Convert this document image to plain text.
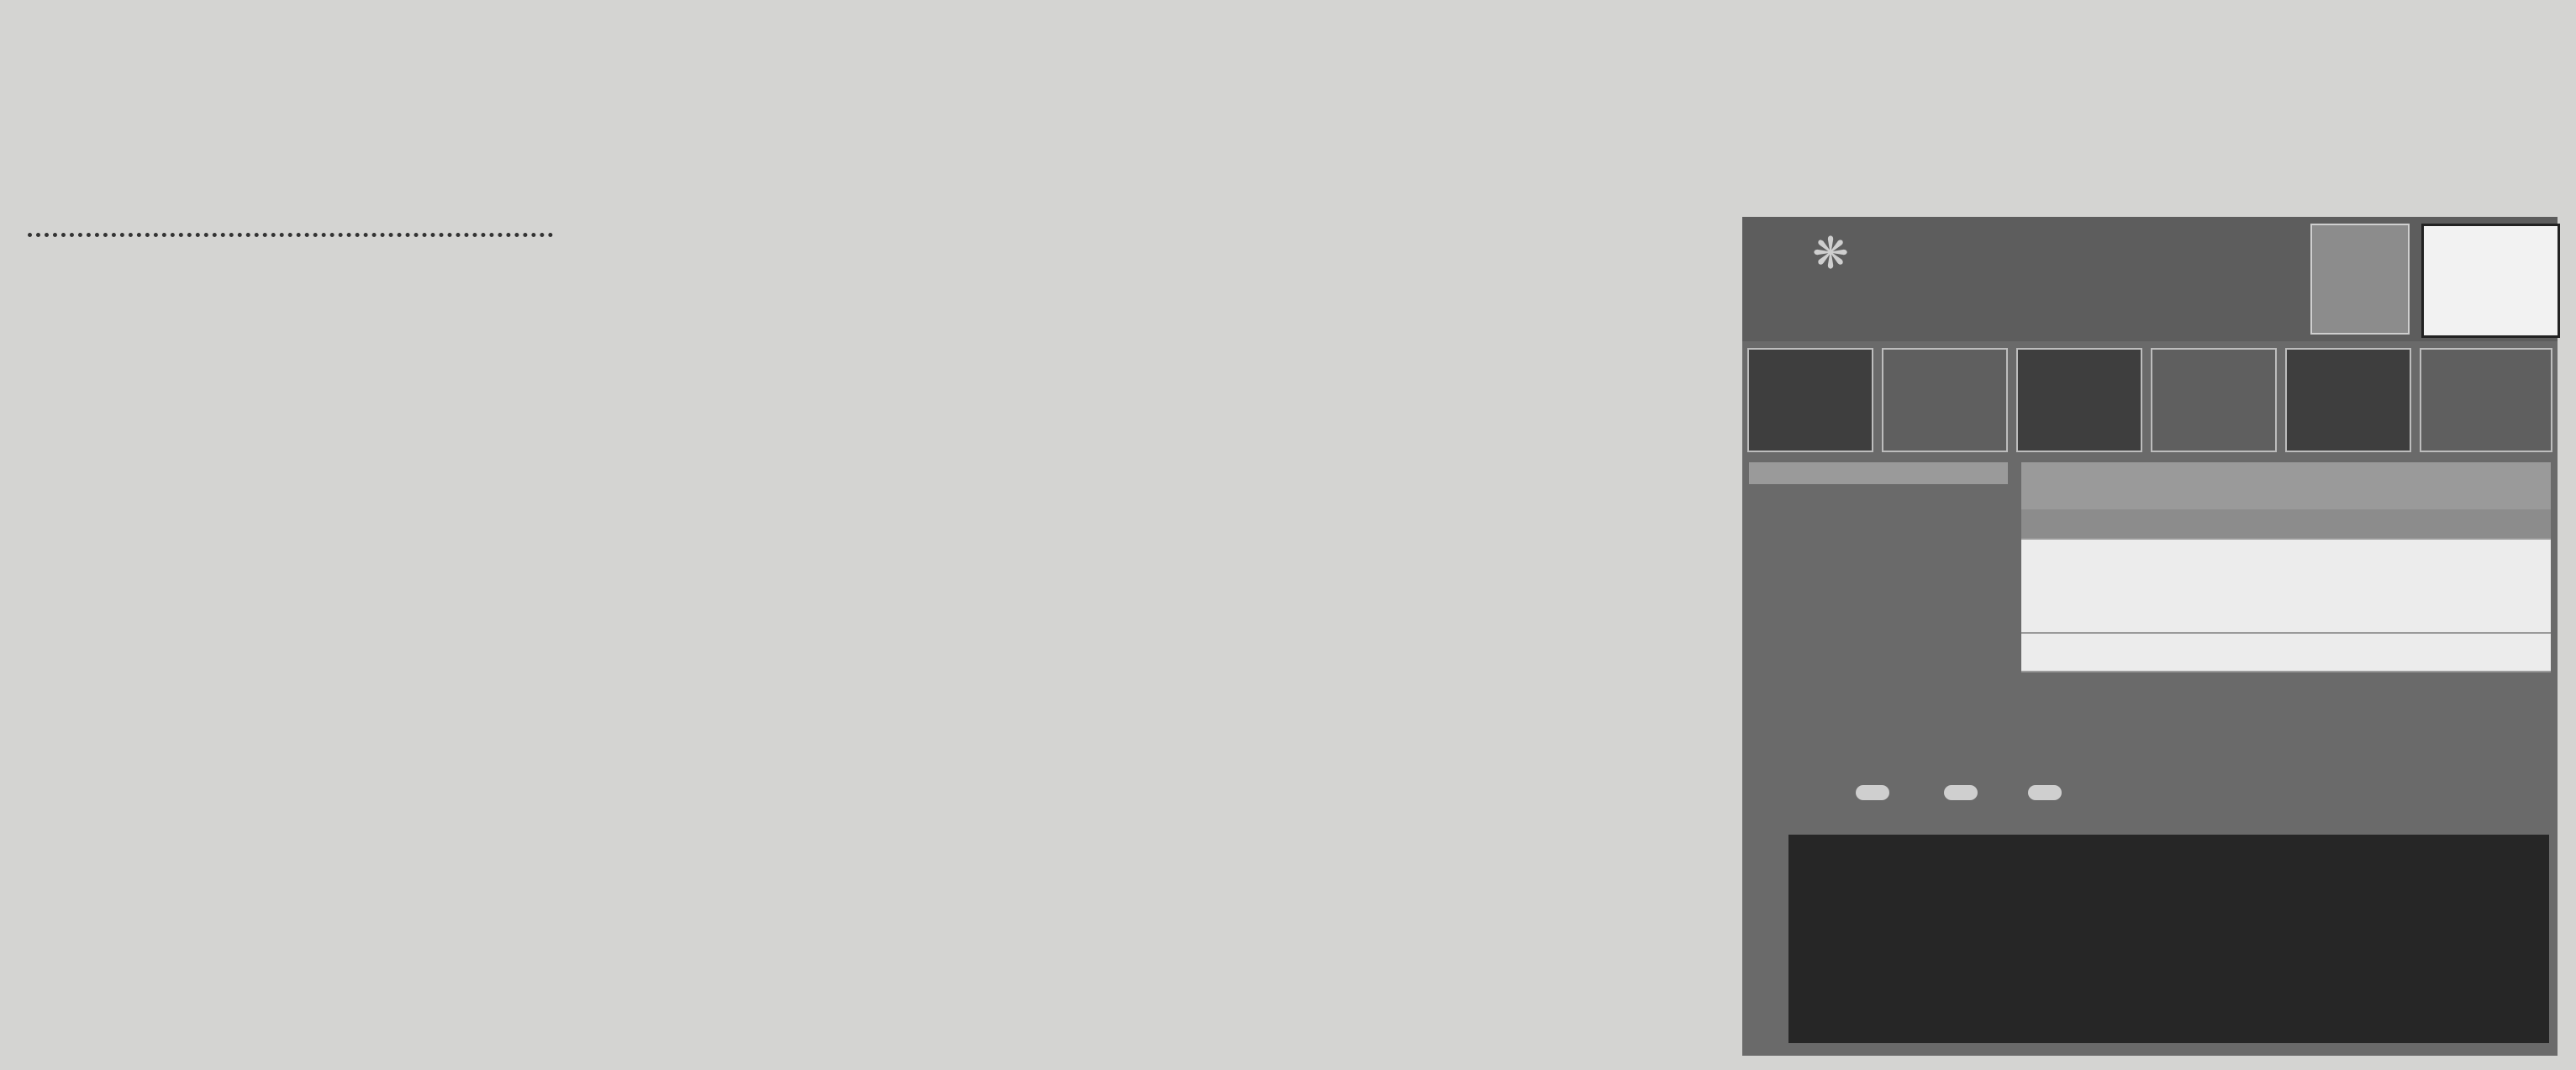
❋
